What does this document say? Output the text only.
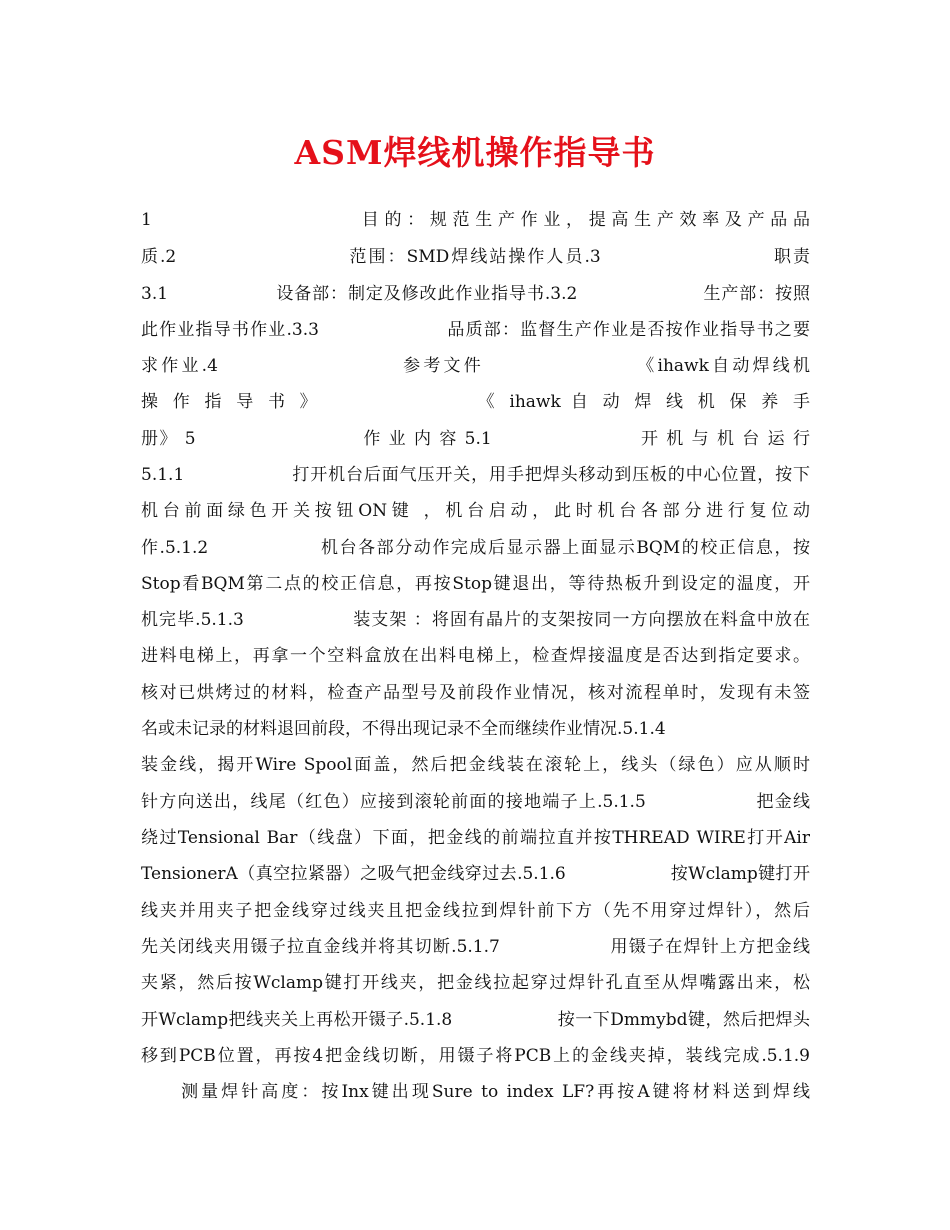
ASM焊线机操作指导书
1　　　　　　　　　目的：规范生产作业，提高生产效率及产品品
质.2　　　　　　　　　范围：SMD焊线站操作人员.3　　　　　　　　　职责
3.1　　　　　　设备部：制定及修改此作业指导书.3.2　　　　　　　生产部：按照
此作业指导书作业.3.3　　　　　　　品质部：监督生产作业是否按作业指导书之要
求作业.4　　　　　　　　　参考文件　　　　　　　　《ihawk自动焊线机
操 作 指 导 书 》　　　　　　　　《 ihawk 自 动 焊 线 机 保 养 手
册》 5　　　　　　　　　作 业 内 容 5.1　　　　　　　　开 机 与 机 台 运 行
5.1.1　　　　　　打开机台后面气压开关，用手把焊头移动到压板的中心位置，按下
机台前面绿色开关按钮ON键 ，机台启动，此时机台各部分进行复位动
作.5.1.2　　　　　　机台各部分动作完成后显示器上面显示BQM的校正信息，按
Stop看BQM第二点的校正信息，再按Stop键退出，等待热板升到设定的温度，开
机完毕.5.1.3　　　　　　装支架 ：将固有晶片的支架按同一方向摆放在料盒中放在
进料电梯上，再拿一个空料盒放在出料电梯上，检查焊接温度是否达到指定要求。
核对已烘烤过的材料，检查产品型号及前段作业情况，核对流程单时，发现有未签
名或未记录的材料退回前段，不得出现记录不全而继续作业情况.5.1.4
装金线，揭开Wire Spool面盖，然后把金线装在滚轮上，线头（绿色）应从顺时
针方向送出，线尾（红色）应接到滚轮前面的接地端子上.5.1.5　　　　　　把金线
绕过Tensional Bar（线盘）下面，把金线的前端拉直并按THREAD WIRE打开Air
TensionerA（真空拉紧器）之吸气把金线穿过去.5.1.6　　　　　　按Wclamp键打开
线夹并用夹子把金线穿过线夹且把金线拉到焊针前下方（先不用穿过焊针），然后
先关闭线夹用镊子拉直金线并将其切断.5.1.7　　　　　　用镊子在焊针上方把金线
夹紧，然后按Wclamp键打开线夹，把金线拉起穿过焊针孔直至从焊嘴露出来，松
开Wclamp把线夹关上再松开镊子.5.1.8　　　　　　按一下Dmmybd键，然后把焊头
移到PCB位置，再按4把金线切断，用镊子将PCB上的金线夹掉，装线完成.5.1.9
　　测量焊针高度：按Inx键出现Sure to index LF?再按A键将材料送到焊线
